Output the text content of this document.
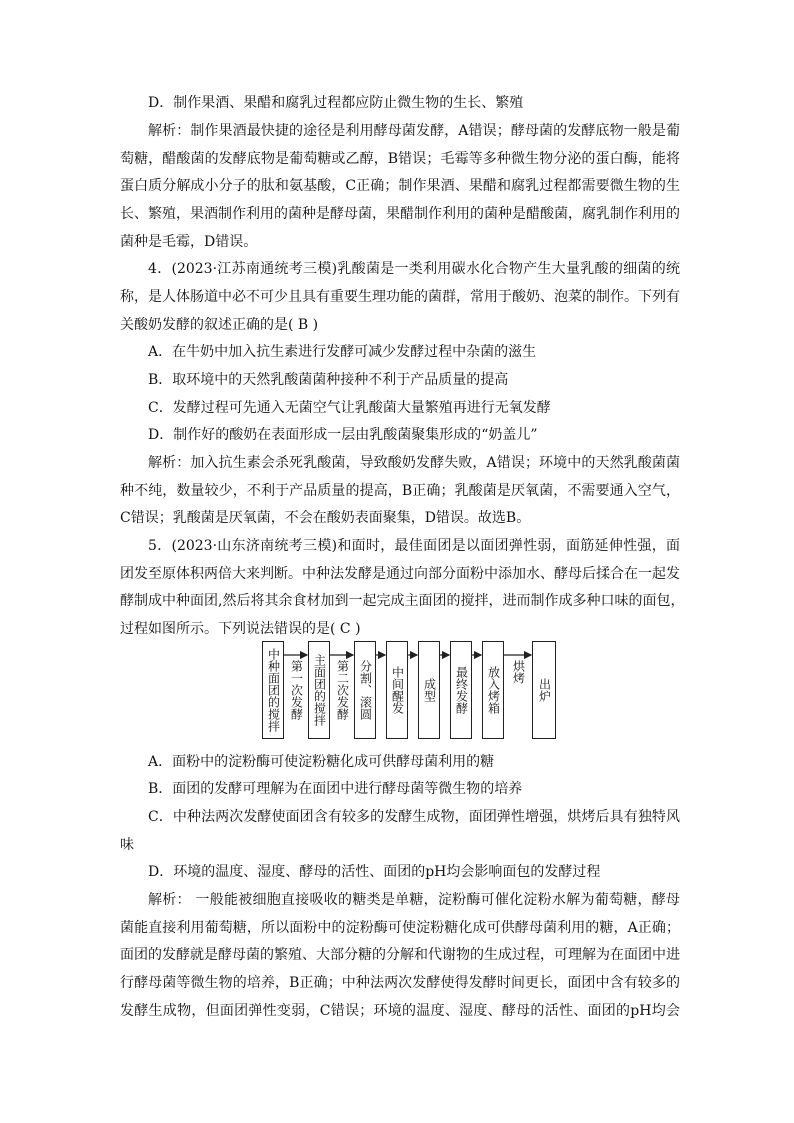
D．制作果酒、果醋和腐乳过程都应防止微生物的生长、繁殖
解析：制作果酒最快捷的途径是利用酵母菌发酵，A错误；酵母菌的发酵底物一般是葡
萄糖，醋酸菌的发酵底物是葡萄糖或乙醇，B错误；毛霉等多种微生物分泌的蛋白酶，能将
蛋白质分解成小分子的肽和氨基酸，C正确；制作果酒、果醋和腐乳过程都需要微生物的生
长、繁殖，果酒制作利用的菌种是酵母菌，果醋制作利用的菌种是醋酸菌，腐乳制作利用的
菌种是毛霉，D错误。
4．(2023·江苏南通统考三模)乳酸菌是一类利用碳水化合物产生大量乳酸的细菌的统
称，是人体肠道中必不可少且具有重要生理功能的菌群，常用于酸奶、泡菜的制作。下列有
关酸奶发酵的叙述正确的是( B )
A．在牛奶中加入抗生素进行发酵可减少发酵过程中杂菌的滋生
B．取环境中的天然乳酸菌菌种接种不利于产品质量的提高
C．发酵过程可先通入无菌空气让乳酸菌大量繁殖再进行无氧发酵
D．制作好的酸奶在表面形成一层由乳酸菌聚集形成的“奶盖儿”
解析：加入抗生素会杀死乳酸菌，导致酸奶发酵失败，A错误；环境中的天然乳酸菌菌
种不纯，数量较少，不利于产品质量的提高，B正确；乳酸菌是厌氧菌，不需要通入空气，
C错误；乳酸菌是厌氧菌，不会在酸奶表面聚集，D错误。故选B。
5．(2023·山东济南统考三模)和面时，最佳面团是以面团弹性弱，面筋延伸性强，面
团发至原体积两倍大来判断。中种法发酵是通过向部分面粉中添加水、酵母后揉合在一起发
酵制成中种面团,然后将其余食材加到一起完成主面团的搅拌，进而制作成多种口味的面包，
过程如图所示。下列说法错误的是( C )
中种面团的搅拌 第一次发酵 主面团的搅拌 第二次发酵 分割、滚圆 中间醒发 成型 最终发酵 放入烤箱 烘烤
出炉
A．面粉中的淀粉酶可使淀粉糖化成可供酵母菌利用的糖
B．面团的发酵可理解为在面团中进行酵母菌等微生物的培养
C．中种法两次发酵使面团含有较多的发酵生成物，面团弹性增强，烘烤后具有独特风
味
D．环境的温度、湿度、酵母的活性、面团的pH均会影响面包的发酵过程
解析： 一般能被细胞直接吸收的糖类是单糖，淀粉酶可催化淀粉水解为葡萄糖，酵母
菌能直接利用葡萄糖，所以面粉中的淀粉酶可使淀粉糖化成可供酵母菌利用的糖，A正确；
面团的发酵就是酵母菌的繁殖、大部分糖的分解和代谢物的生成过程，可理解为在面团中进
行酵母菌等微生物的培养，B正确；中种法两次发酵使得发酵时间更长，面团中含有较多的
发酵生成物，但面团弹性变弱，C错误；环境的温度、湿度、酵母的活性、面团的pH均会
